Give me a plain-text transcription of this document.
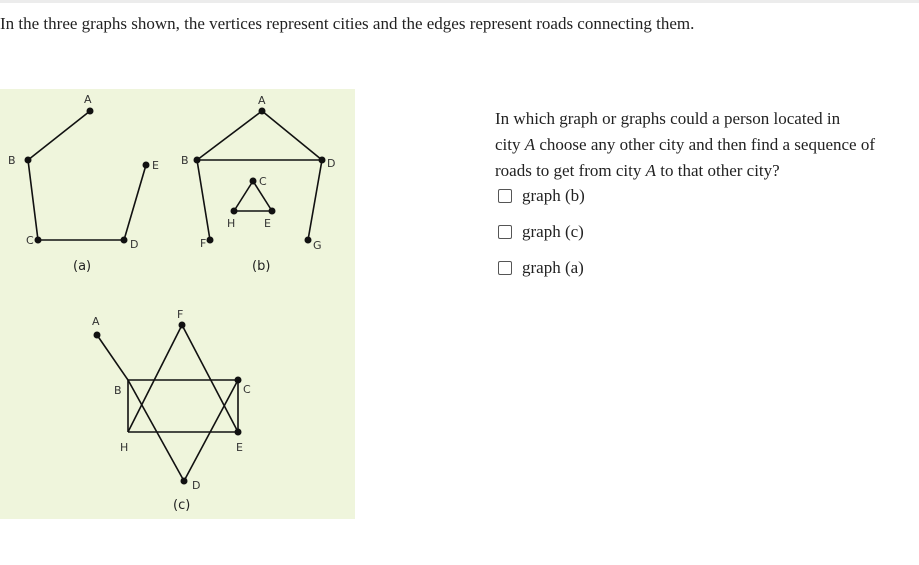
In the three graphs shown, the vertices represent cities and the edges represent roads connecting them.
A
B
C	D
E
(a)
A
B	D
F	G
C
H	E
(b)
A
F
C
E
D
B
H
(c)
In which graph or graphs could a person located in
city A choose any other city and then find a sequence of
roads to get from city A to that other city?
graph (b)
graph (c)
graph (a)
